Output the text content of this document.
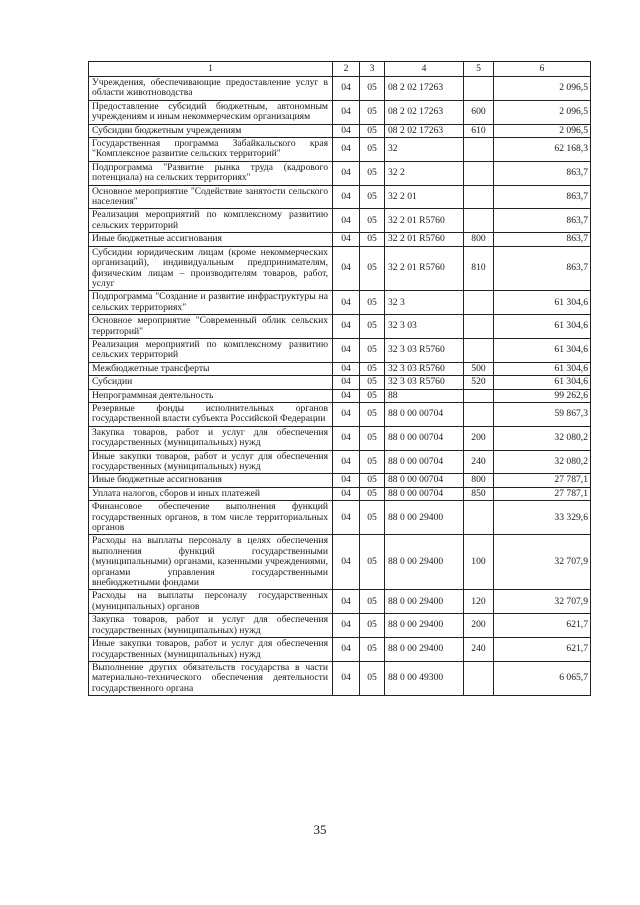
1	2	3	4	5	6
Учреждения, обеспечивающие предоставление услуг в области животноводства	04	05	08 2 02 17263		2 096,5
Предоставление субсидий бюджетным, автономным учреждениям и иным некоммерческим организациям	04	05	08 2 02 17263	600	2 096,5
Субсидии бюджетным учреждениям	04	05	08 2 02 17263	610	2 096,5
Государственная программа Забайкальского края "Комплексное развитие сельских территорий"	04	05	32		62 168,3
Подпрограмма "Развитие рынка труда (кадрового потенциала) на сельских территориях"	04	05	32 2		863,7
Основное мероприятие "Содействие занятости сельского населения"	04	05	32 2 01		863,7
Реализация мероприятий по комплексному развитию сельских территорий	04	05	32 2 01 R5760		863,7
Иные бюджетные ассигнования	04	05	32 2 01 R5760	800	863,7
Субсидии юридическим лицам (кроме некоммерческих организаций), индивидуальным предпринимателям, физическим лицам – производителям товаров, работ, услуг	04	05	32 2 01 R5760	810	863,7
Подпрограмма "Создание и развитие инфраструктуры на сельских территориях"	04	05	32 3		61 304,6
Основное мероприятие "Современный облик сельских территорий"	04	05	32 3 03		61 304,6
Реализация мероприятий по комплексному развитию сельских территорий	04	05	32 3 03 R5760		61 304,6
Межбюджетные трансферты	04	05	32 3 03 R5760	500	61 304,6
Субсидии	04	05	32 3 03 R5760	520	61 304,6
Непрограммная деятельность	04	05	88		99 262,6
Резервные фонды исполнительных органов государственной власти субъекта Российской Федерации	04	05	88 0 00 00704		59 867,3
Закупка товаров, работ и услуг для обеспечения государственных (муниципальных) нужд	04	05	88 0 00 00704	200	32 080,2
Иные закупки товаров, работ и услуг для обеспечения государственных (муниципальных) нужд	04	05	88 0 00 00704	240	32 080,2
Иные бюджетные ассигнования	04	05	88 0 00 00704	800	27 787,1
Уплата налогов, сборов и иных платежей	04	05	88 0 00 00704	850	27 787,1
Финансовое обеспечение выполнения функций государственных органов, в том числе территориальных органов	04	05	88 0 00 29400		33 329,6
Расходы на выплаты персоналу в целях обеспечения выполнения функций государственными (муниципальными) органами, казенными учреждениями, органами управления государственными внебюджетными фондами	04	05	88 0 00 29400	100	32 707,9
Расходы на выплаты персоналу государственных (муниципальных) органов	04	05	88 0 00 29400	120	32 707,9
Закупка товаров, работ и услуг для обеспечения государственных (муниципальных) нужд	04	05	88 0 00 29400	200	621,7
Иные закупки товаров, работ и услуг для обеспечения государственных (муниципальных) нужд	04	05	88 0 00 29400	240	621,7
Выполнение других обязательств государства в части материально-технического обеспечения деятельности государственного органа	04	05	88 0 00 49300		6 065,7
35
